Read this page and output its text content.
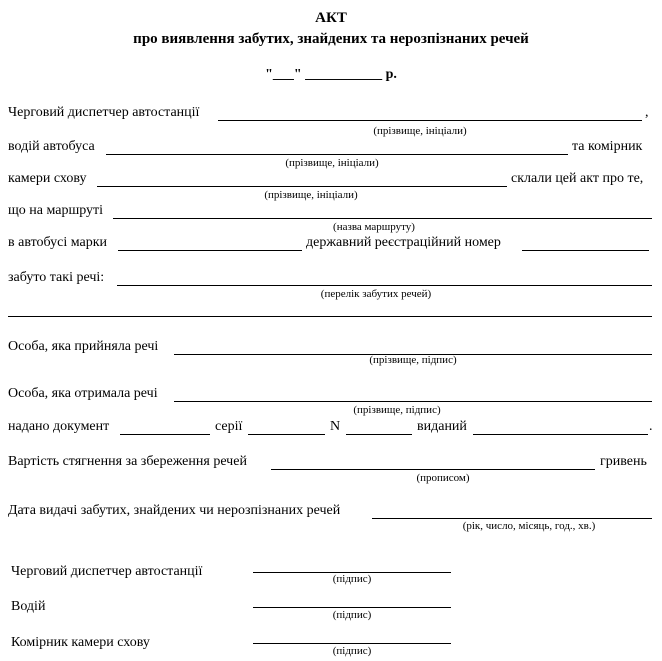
АКТ
про виявлення забутих, знайдених та нерозпізнаних речей
"___" ___________ р.
Черговий диспетчер автостанції	,
(прізвище, ініціали)
водій автобуса	та комірник
(прізвище, ініціали)
камери схову	склали цей акт про те,
(прізвище, ініціали)
що на маршруті
(назва маршруту)
в автобусі марки	державний реєстраційний номер
забуто такі речі:
(перелік забутих речей)
Особа, яка прийняла речі
(прізвище, підпис)
Особа, яка отримала речі
(прізвище, підпис)
надано документ	серії	N	виданий	.
Вартість стягнення за збереження речей	гривень
(прописом)
Дата видачі забутих, знайдених чи нерозпізнаних речей
(рік, число, місяць, год., хв.)
Черговий диспетчер автостанції	(підпис)
Водій
(підпис)
Комірник камери схову
(підпис)
